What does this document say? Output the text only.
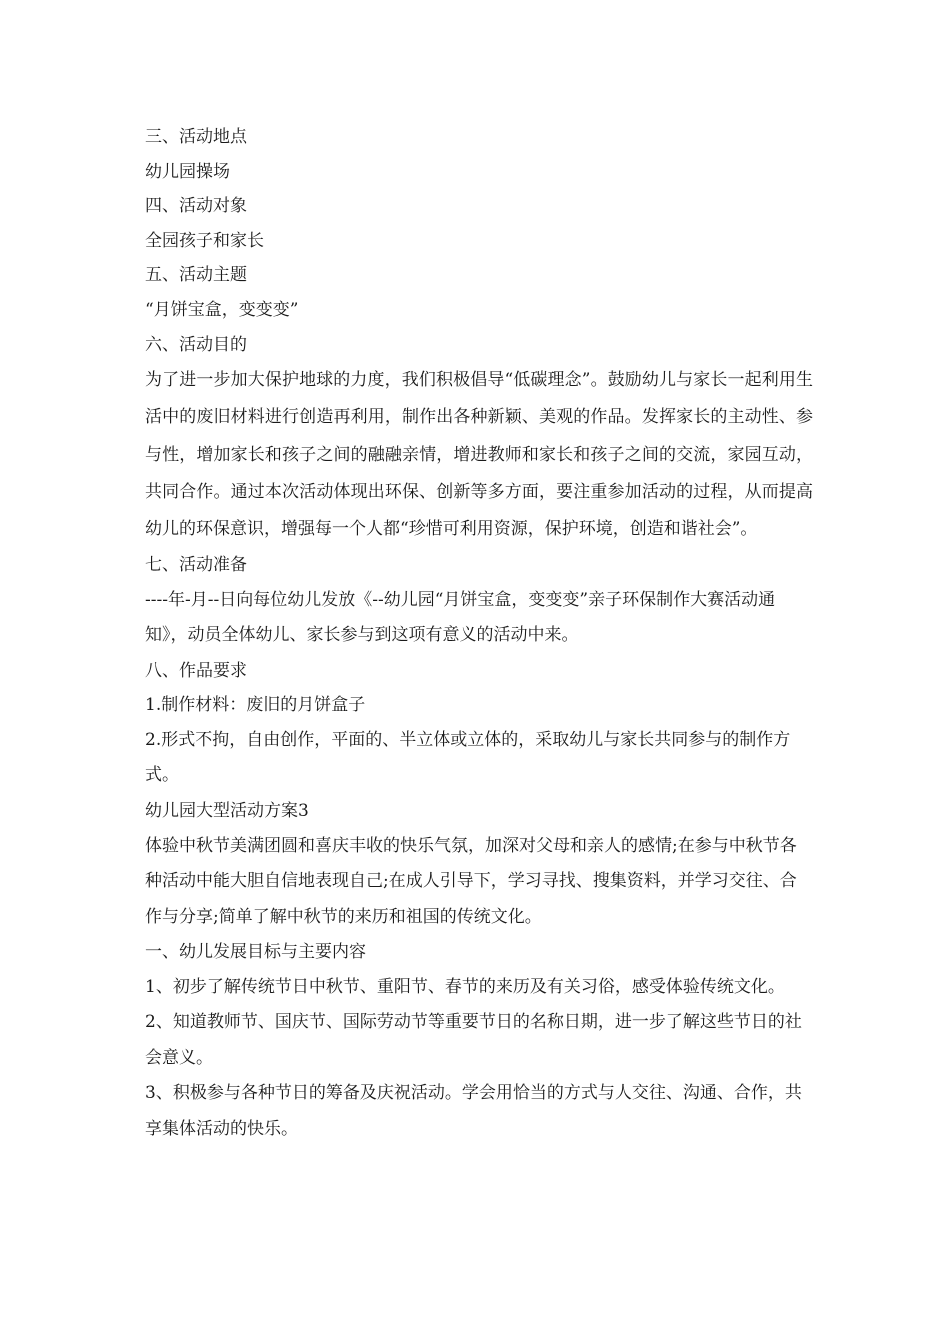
三、活动地点
幼儿园操场
四、活动对象
全园孩子和家长
五、活动主题
“月饼宝盒，变变变”
六、活动目的
为了进一步加大保护地球的力度，我们积极倡导“低碳理念”。鼓励幼儿与家长一起利用生活中的废旧材料进行创造再利用，制作出各种新颖、美观的作品。发挥家长的主动性、参与性，增加家长和孩子之间的融融亲情，增进教师和家长和孩子之间的交流，家园互动，共同合作。通过本次活动体现出环保、创新等多方面，要注重参加活动的过程，从而提高幼儿的环保意识，增强每一个人都“珍惜可利用资源，保护环境，创造和谐社会”。
七、活动准备
----年-月--日向每位幼儿发放《--幼儿园“月饼宝盒，变变变”亲子环保制作大赛活动通知》，动员全体幼儿、家长参与到这项有意义的活动中来。
八、作品要求
1.制作材料：废旧的月饼盒子
2.形式不拘，自由创作，平面的、半立体或立体的，采取幼儿与家长共同参与的制作方式。
幼儿园大型活动方案3
体验中秋节美满团圆和喜庆丰收的快乐气氛，加深对父母和亲人的感情;在参与中秋节各种活动中能大胆自信地表现自己;在成人引导下，学习寻找、搜集资料，并学习交往、合作与分享;简单了解中秋节的来历和祖国的传统文化。
一、幼儿发展目标与主要内容
1、初步了解传统节日中秋节、重阳节、春节的来历及有关习俗，感受体验传统文化。
2、知道教师节、国庆节、国际劳动节等重要节日的名称日期，进一步了解这些节日的社会意义。
3、积极参与各种节日的筹备及庆祝活动。学会用恰当的方式与人交往、沟通、合作，共享集体活动的快乐。
